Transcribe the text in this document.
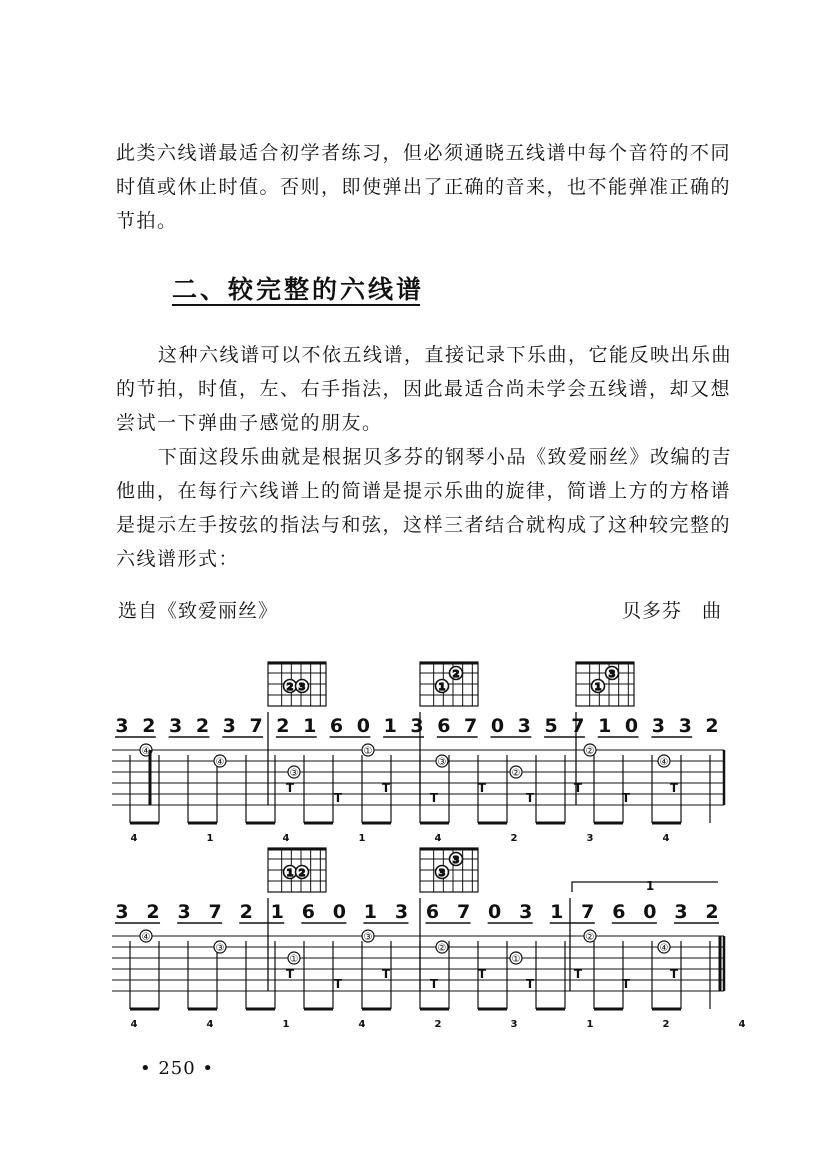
此类六线谱最适合初学者练习，但必须通晓五线谱中每个音符的不同时值或休止时值。否则，即使弹出了正确的音来，也不能弹准正确的节拍。

二、较完整的六线谱

这种六线谱可以不依五线谱，直接记录下乐曲，它能反映出乐曲的节拍，时值，左、右手指法，因此最适合尚未学会五线谱，却又想尝试一下弹曲子感觉的朋友。

下面这段乐曲就是根据贝多芬的钢琴小品《致爱丽丝》改编的吉他曲，在每行六线谱上的简谱是提示乐曲的旋律，简谱上方的方格谱是提示左手按弦的指法与和弦，这样三者结合就构成了这种较完整的六线谱形式：

选自《致爱丽丝》	贝多芬　曲
2 3	1
2
1
3
1 2	3
3
3 2 3 2 3 7 2 1 6 0 1 3 6 7 0 3 5 7 1 0 3 3 2
④
④
③
①
③
②
②
④
T
T
T
T
T
T
T
T
T
4	1	4	1	4	2	3	4
3 2 3 7 2 1 6 0 1 3 6 7 0 3 1 7 6 0 3 2
④
③
①
③
②
①
②
④
T
T
T
T
T
T
T
T
T
4	4	1	4	2	3	1	2	4
1
• 250 •
